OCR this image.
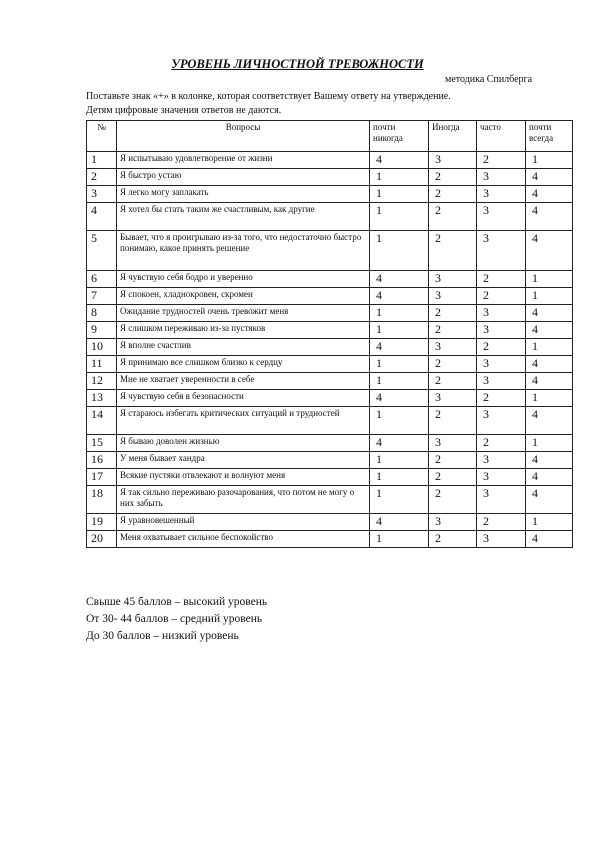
УРОВЕНЬ ЛИЧНОСТНОЙ ТРЕВОЖНОСТИ
методика Спилберга
Поставьте знак «+» в колонке, которая соответствует Вашему ответу на утверждение.
Детям цифровые значения ответов не даются.
№	Вопросы	почти никогда	Иногда	часто	почти всегда
1	Я испытываю удовлетворение от жизни	4	3	2	1
2	Я быстро устаю	1	2	3	4
3	Я легко могу заплакать	1	2	3	4
4	Я хотел бы стать таким же счастливым, как другие	1	2	3	4
5	Бывает, что я проигрываю из-за того, что недостаточно быстро понимаю, какое принять решение	1	2	3	4
6	Я чувствую себя бодро и уверенно	4	3	2	1
7	Я спокоен, хладнокровен, скромен	4	3	2	1
8	Ожидание трудностей очень тревожит меня	1	2	3	4
9	Я слишком переживаю из-за пустяков	1	2	3	4
10	Я вполне счастлив	4	3	2	1
11	Я принимаю все слишком близко к сердцу	1	2	3	4
12	Мне не хватает уверенности в себе	1	2	3	4
13	Я чувствую себя в безопасности	4	3	2	1
14	Я стараюсь избегать критических ситуаций и трудностей	1	2	3	4
15	Я бываю доволен жизнью	4	3	2	1
16	У меня бывает хандра	1	2	3	4
17	Всякие пустяки отвлекают и волнуют меня	1	2	3	4
18	Я так сильно переживаю разочарования, что потом не могу о них забыть	1	2	3	4
19	Я уравновешенный	4	3	2	1
20	Меня охватывает сильное беспокойство	1	2	3	4
Свыше 45 баллов – высокий уровень
От 30- 44 баллов – средний уровень
До 30 баллов – низкий уровень
